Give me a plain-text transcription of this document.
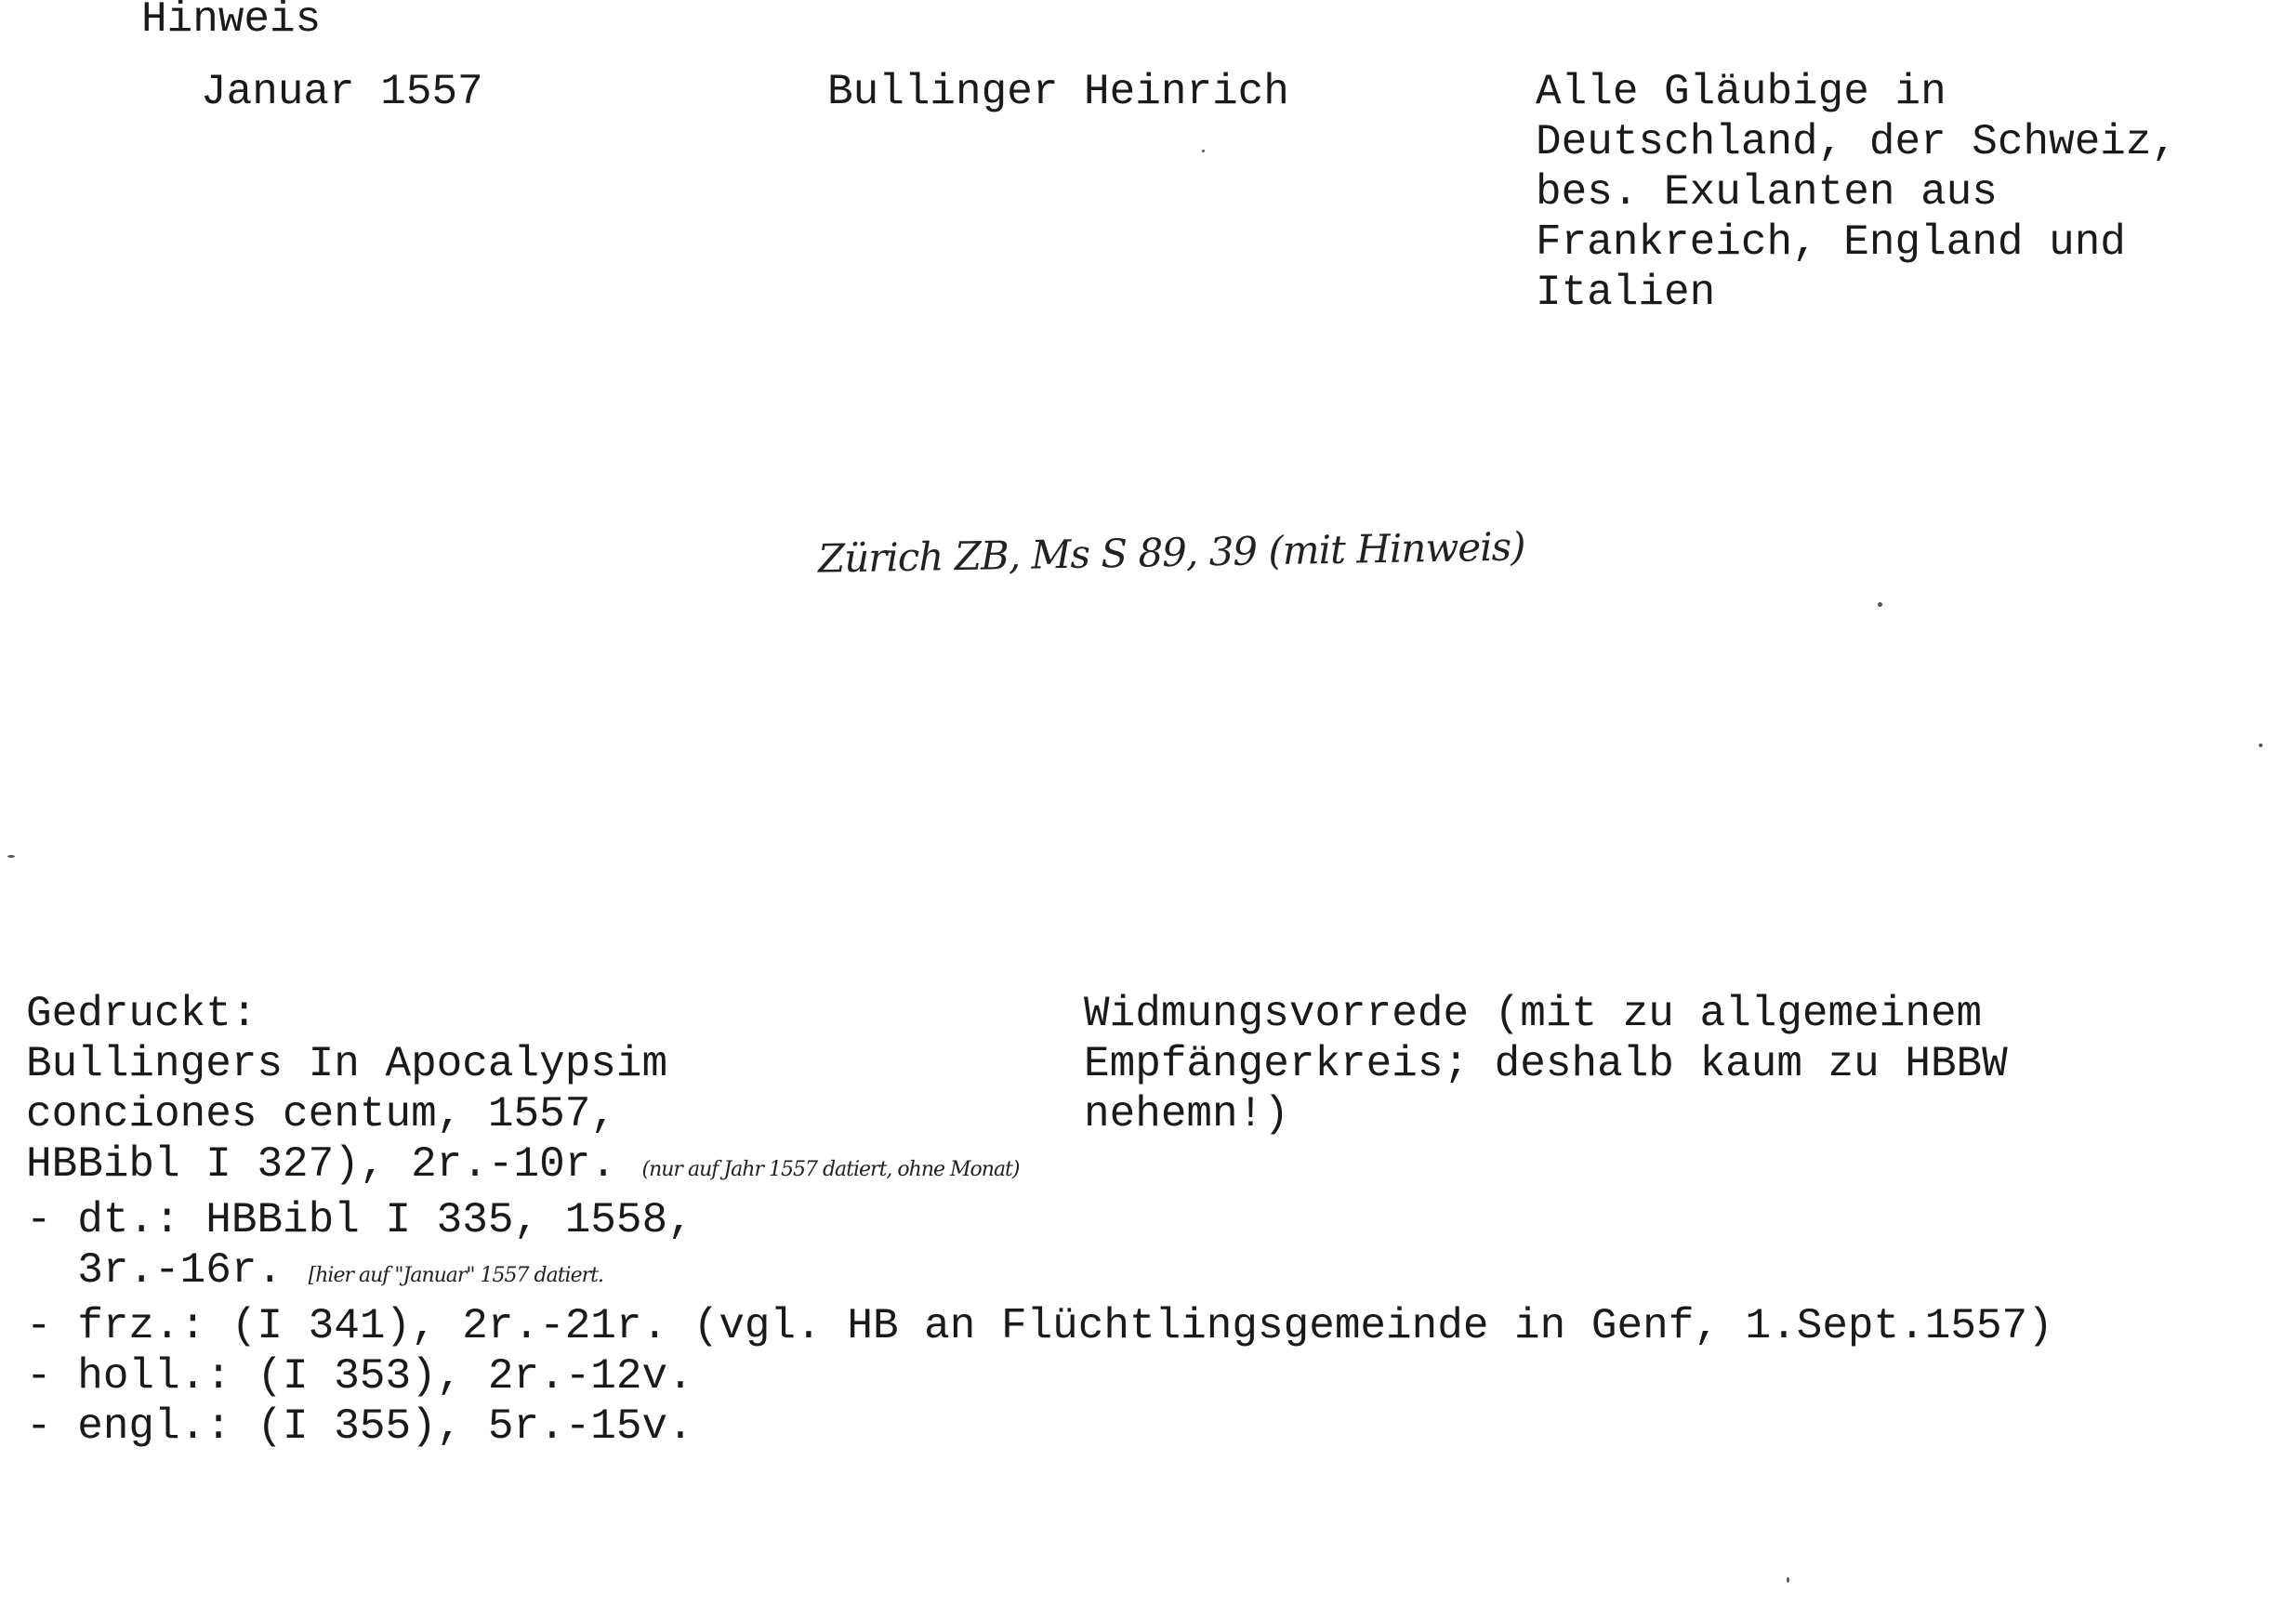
Hinweis
Januar 1557	Bullinger Heinrich	Alle Gläubige in
Deutschland, der Schweiz,
bes. Exulanten aus
Frankreich, England und
Italien
Zürich ZB, Ms S 89, 39 (mit Hinweis)
Gedruckt:
Bullingers In Apocalypsim
conciones centum, 1557,
HBBibl I 327), 2r.-10r. (nur auf Jahr 1557 datiert, ohne Monat)
- dt.: HBBibl I 335, 1558,
3r.-16r. [hier auf "Januar" 1557 datiert.
- frz.: (I 341), 2r.-21r. (vgl. HB an Flüchtlingsgemeinde in Genf, 1.Sept.1557)
- holl.: (I 353), 2r.-12v.
- engl.: (I 355), 5r.-15v.
Widmungsvorrede (mit zu allgemeinem
Empfängerkreis; deshalb kaum zu HBBW
nehemn!)
